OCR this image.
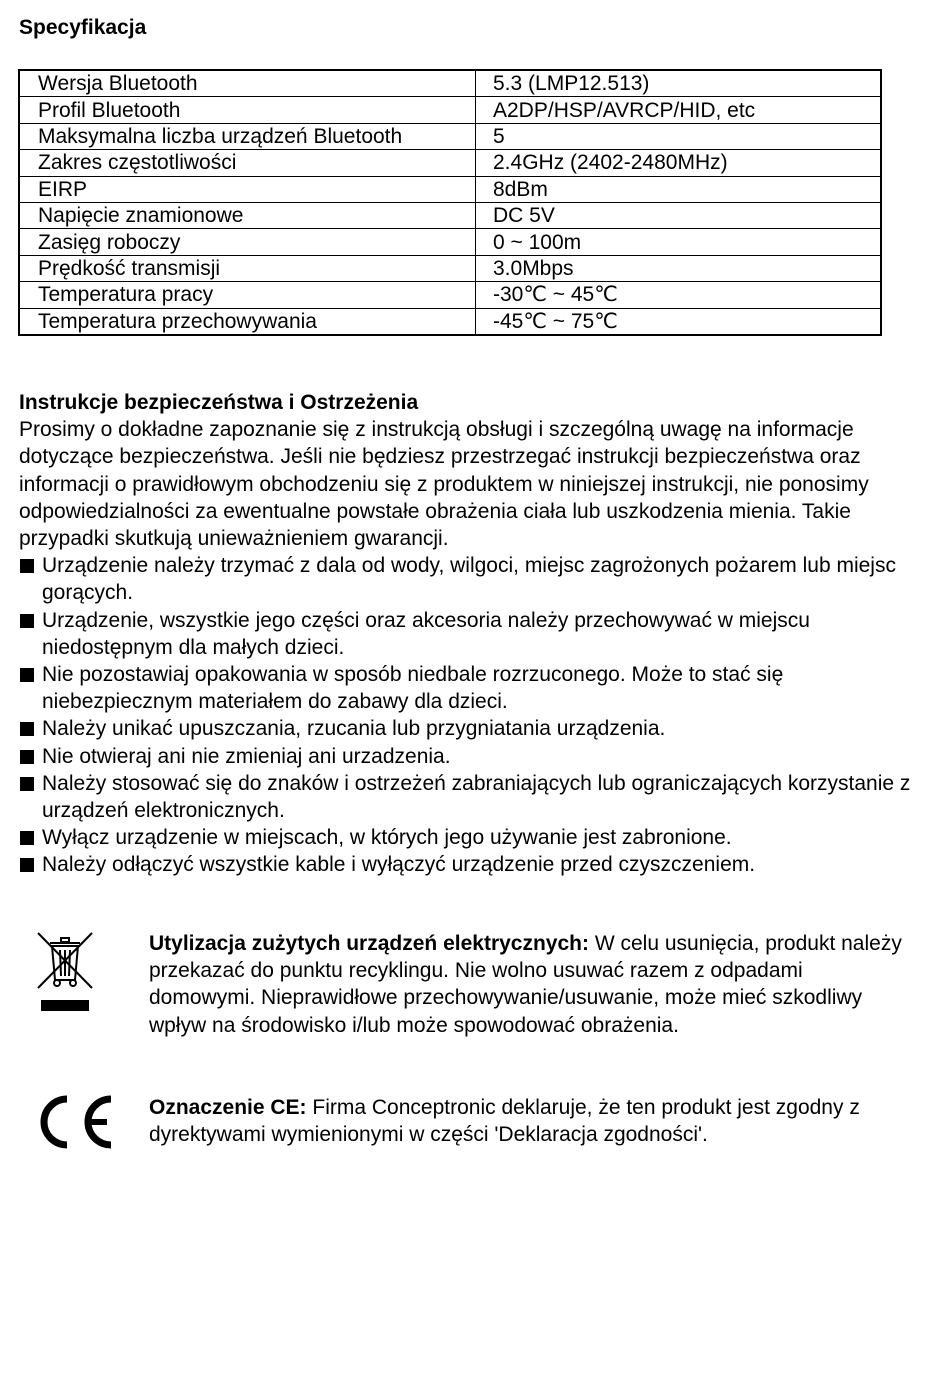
Specyfikacja
Wersja Bluetooth	5.3 (LMP12.513)
Profil Bluetooth	A2DP/HSP/AVRCP/HID, etc
Maksymalna liczba urządzeń Bluetooth	5
Zakres częstotliwości	2.4GHz (2402-2480MHz)
EIRP	8dBm
Napięcie znamionowe	DC 5V
Zasięg roboczy	0 ~ 100m
Prędkość transmisji	3.0Mbps
Temperatura pracy	-30℃ ~ 45℃
Temperatura przechowywania	-45℃ ~ 75℃
Instrukcje bezpieczeństwa i Ostrzeżenia
Prosimy o dokładne zapoznanie się z instrukcją obsługi i szczególną uwagę na informacje dotyczące bezpieczeństwa. Jeśli nie będziesz przestrzegać instrukcji bezpieczeństwa oraz informacji o prawidłowym obchodzeniu się z produktem w niniejszej instrukcji, nie ponosimy odpowiedzialności za ewentualne powstałe obrażenia ciała lub uszkodzenia mienia. Takie przypadki skutkują unieważnieniem gwarancji.
Urządzenie należy trzymać z dala od wody, wilgoci, miejsc zagrożonych pożarem lub miejsc gorących.
Urządzenie, wszystkie jego części oraz akcesoria należy przechowywać w miejscu niedostępnym dla małych dzieci.
Nie pozostawiaj opakowania w sposób niedbale rozrzuconego. Może to stać się niebezpiecznym materiałem do zabawy dla dzieci.
Należy unikać upuszczania, rzucania lub przygniatania urządzenia.
Nie otwieraj ani nie zmieniaj ani urzadzenia.
Należy stosować się do znaków i ostrzeżeń zabraniających lub ograniczających korzystanie z urządzeń elektronicznych.
Wyłącz urządzenie w miejscach, w których jego używanie jest zabronione.
Należy odłączyć wszystkie kable i wyłączyć urządzenie przed czyszczeniem.
Utylizacja zużytych urządzeń elektrycznych: W celu usunięcia, produkt należy przekazać do punktu recyklingu. Nie wolno usuwać razem z odpadami domowymi. Nieprawidłowe przechowywanie/usuwanie, może mieć szkodliwy wpływ na środowisko i/lub może spowodować obrażenia.
Oznaczenie CE: Firma Conceptronic deklaruje, że ten produkt jest zgodny z dyrektywami wymienionymi w części 'Deklaracja zgodności'.
